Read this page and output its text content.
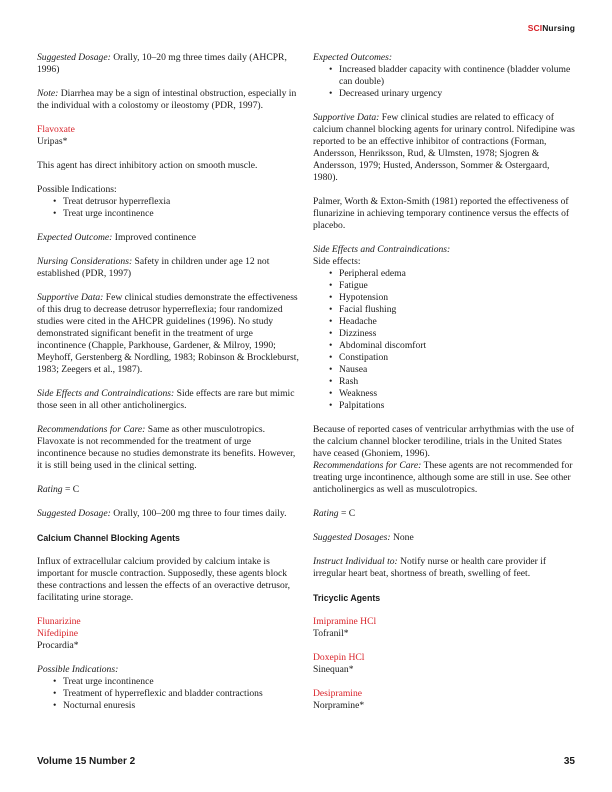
SCINursing

Suggested Dosage: Orally, 10–20 mg three times daily (AHCPR, 1996)

Note: Diarrhea may be a sign of intestinal obstruction, especially in the individual with a colostomy or ileostomy (PDR, 1997).

Flavoxate
Uripas*

This agent has direct inhibitory action on smooth muscle.

Possible Indications:
• Treat detrusor hyperreflexia
• Treat urge incontinence

Expected Outcome: Improved continence

Nursing Considerations: Safety in children under age 12 not established (PDR, 1997)

Supportive Data: Few clinical studies demonstrate the effectiveness of this drug to decrease detrusor hyperreflexia; four randomized studies were cited in the AHCPR guidelines (1996). No study demonstrated significant benefit in the treatment of urge incontinence (Chapple, Parkhouse, Gardener, & Milroy, 1990; Meyhoff, Gerstenberg & Nordling, 1983; Robinson & Brockleburst, 1983; Zeegers et al., 1987).

Side Effects and Contraindications: Side effects are rare but mimic those seen in all other anticholinergics.

Recommendations for Care: Same as other musculotropics. Flavoxate is not recommended for the treatment of urge incontinence because no studies demonstrate its benefits. However, it is still being used in the clinical setting.

Rating = C

Suggested Dosage: Orally, 100–200 mg three to four times daily.

Calcium Channel Blocking Agents

Influx of extracellular calcium provided by calcium intake is important for muscle contraction. Supposedly, these agents block these contractions and lessen the effects of an overactive detrusor, facilitating urine storage.

Flunarizine
Nifedipine
Procardia*
Possible Indications:
• Treat urge incontinence
• Treatment of hyperreflexic and bladder contractions
• Nocturnal enuresis
Expected Outcomes:
• Increased bladder capacity with continence (bladder volume can double)
• Decreased urinary urgency

Supportive Data: Few clinical studies are related to efficacy of calcium channel blocking agents for urinary control. Nifedipine was reported to be an effective inhibitor of contractions (Forman, Andersson, Henriksson, Rud, & Ulmsten, 1978; Sjogren & Andersson, 1979; Husted, Andersson, Sommer & Ostergaard, 1980).

Palmer, Worth & Exton-Smith (1981) reported the effectiveness of flunarizine in achieving temporary continence versus the effects of placebo.

Side Effects and Contraindications:
Side effects:
• Peripheral edema
• Fatigue
• Hypotension
• Facial flushing
• Headache
• Dizziness
• Abdominal discomfort
• Constipation
• Nausea
• Rash
• Weakness
• Palpitations
Because of reported cases of ventricular arrhythmias with the use of the calcium channel blocker terodiline, trials in the United States have ceased (Ghoniem, 1996).

Recommendations for Care: These agents are not recommended for treating urge incontinence, although some are still in use. See other anticholinergics as well as musculotropics.

Rating = C

Suggested Dosages: None

Instruct Individual to: Notify nurse or health care provider if irregular heart beat, shortness of breath, swelling of feet.

Tricyclic Agents
Imipramine HCl
Tofranil*
Doxepin HCl
Sinequan*
Desipramine
Norpramine*
Volume 15 Number 2	35
